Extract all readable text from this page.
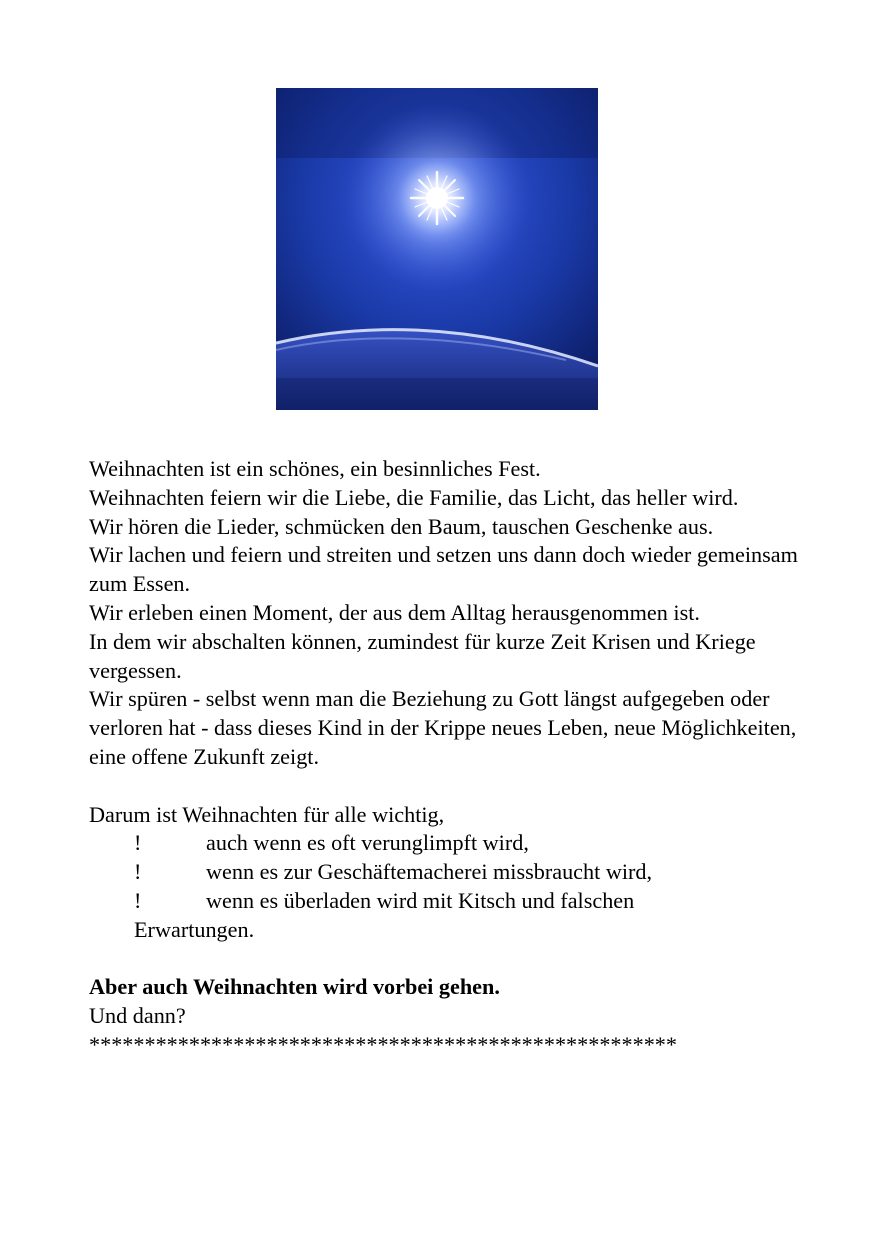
Weihnachten ist ein schönes, ein besinnliches Fest.

Weihnachten feiern wir die Liebe, die Familie, das Licht, das heller wird.

Wir hören die Lieder, schmücken den Baum, tauschen Geschenke aus.

Wir lachen und feiern und streiten und setzen uns dann doch wieder gemeinsam zum Essen.

Wir erleben einen Moment, der aus dem Alltag herausgenommen ist.

In dem wir abschalten können, zumindest für kurze Zeit Krisen und Kriege vergessen.

Wir spüren - selbst wenn man die Beziehung zu Gott längst aufgegeben oder verloren hat - dass dieses Kind in der Krippe neues Leben, neue Möglichkeiten, eine offene Zukunft zeigt.

Darum ist Weihnachten für alle wichtig,

!	auch wenn es oft verunglimpft wird,
!	wenn es zur Geschäftemacherei missbraucht wird,
!	wenn es überladen wird mit Kitsch und falschen
Erwartungen.

Aber auch Weihnachten wird vorbei gehen.

Und dann?

*****************************************************
